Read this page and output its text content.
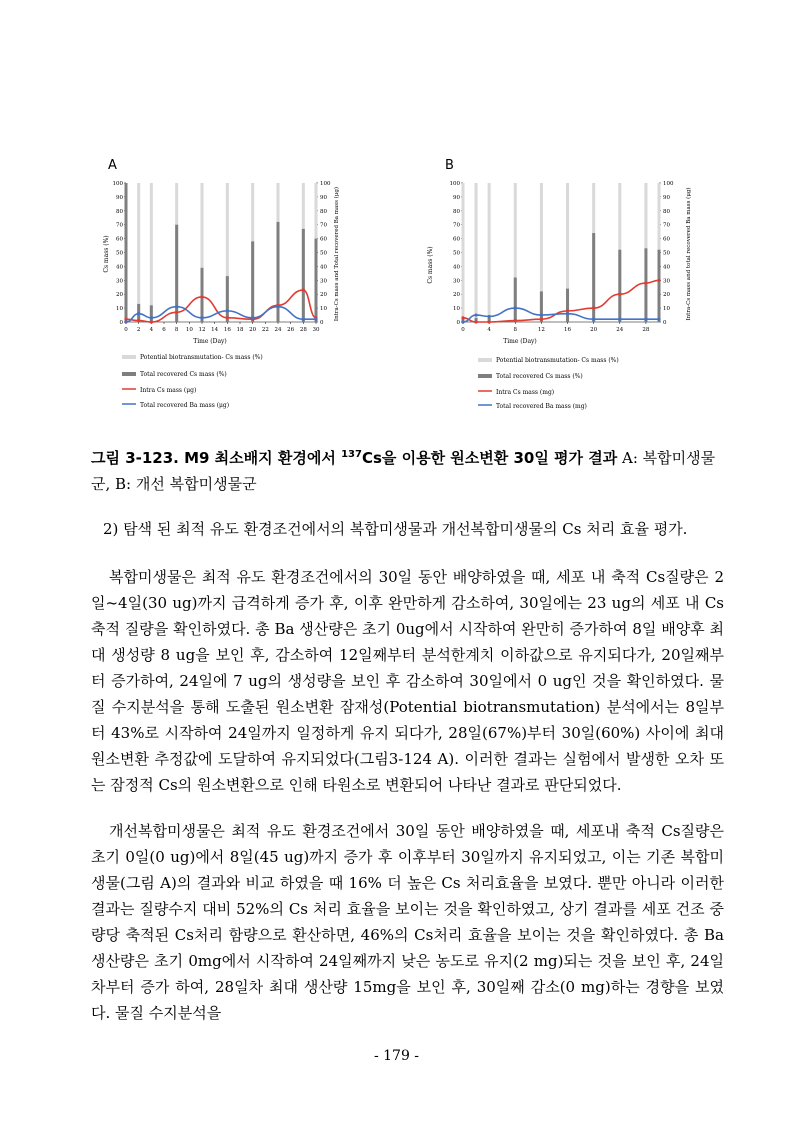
A
Cs mass (%)	Intra-Cs mass and Total recovered Ba mass (μg)
Time (Day)
0
10
20
30
40
50
60
70
80
90
100
0
10
20
30
40
50
60
70
80
90
100
0 2 4 6 8 10 12 14 16 18 20 22 24 26 28 30
Potential biotransmutation- Cs mass (%)
Total recovered Cs mass (%)
Intra Cs mass (μg)
Total recovered Ba mass (μg)
B
Cs mass (%)	Intra-Cs mass and total recovered Ba mass (μg)
Time (Day)
0
10
20
30
40
50
60
70
80
90
100
0
10
20
30
40
50
60
70
80
90
100
0	4	8	12	16	20	24	28
Potential biotransmutation- Cs mass (%)
Total recovered Cs mass (%)
Intra Cs mass (mg)
Total recovered Ba mass (mg)
그림 3-123. M9 최소배지 환경에서 $^{137}$Cs을 이용한 원소변환 30일 평가 결과 A: 복합미생물군, B: 개선 복합미생물군
2) 탐색 된 최적 유도 환경조건에서의 복합미생물과 개선복합미생물의 Cs 처리 효율 평가.
복합미생물은 최적 유도 환경조건에서의 30일 동안 배양하였을 때, 세포 내 축적 Cs질량은 2일~4일(30 ug)까지 급격하게 증가 후, 이후 완만하게 감소하여, 30일에는 23 ug의 세포 내 Cs축적 질량을 확인하였다. 총 Ba 생산량은 초기 0ug에서 시작하여 완만히 증가하여 8일 배양후 최대 생성량 8 ug을 보인 후, 감소하여 12일째부터 분석한계치 이하값으로 유지되다가, 20일째부터 증가하여, 24일에 7 ug의 생성량을 보인 후 감소하여 30일에서 0 ug인 것을 확인하였다. 물질 수지분석을 통해 도출된 원소변환 잠재성(Potential biotransmutation) 분석에서는 8일부터 43%로 시작하여 24일까지 일정하게 유지 되다가, 28일(67%)부터 30일(60%) 사이에 최대 원소변환 추정값에 도달하여 유지되었다(그림3-124 A). 이러한 결과는 실험에서 발생한 오차 또는 잠정적 Cs의 원소변환으로 인해 타원소로 변환되어 나타난 결과로 판단되었다.
개선복합미생물은 최적 유도 환경조건에서 30일 동안 배양하였을 때, 세포내 축적 Cs질량은 초기 0일(0 ug)에서 8일(45 ug)까지 증가 후 이후부터 30일까지 유지되었고, 이는 기존 복합미생물(그림 A)의 결과와 비교 하였을 때 16% 더 높은 Cs 처리효율을 보였다. 뿐만 아니라 이러한 결과는 질량수지 대비 52%의 Cs 처리 효율을 보이는 것을 확인하였고, 상기 결과를 세포 건조 중량당 축적된 Cs처리 함량으로 환산하면, 46%의 Cs처리 효율을 보이는 것을 확인하였다. 총 Ba 생산량은 초기 0mg에서 시작하여 24일째까지 낮은 농도로 유지(2 mg)되는 것을 보인 후, 24일차부터 증가 하여, 28일차 최대 생산량 15mg을 보인 후, 30일째 감소(0 mg)하는 경향을 보였다. 물질 수지분석을
- 179 -
